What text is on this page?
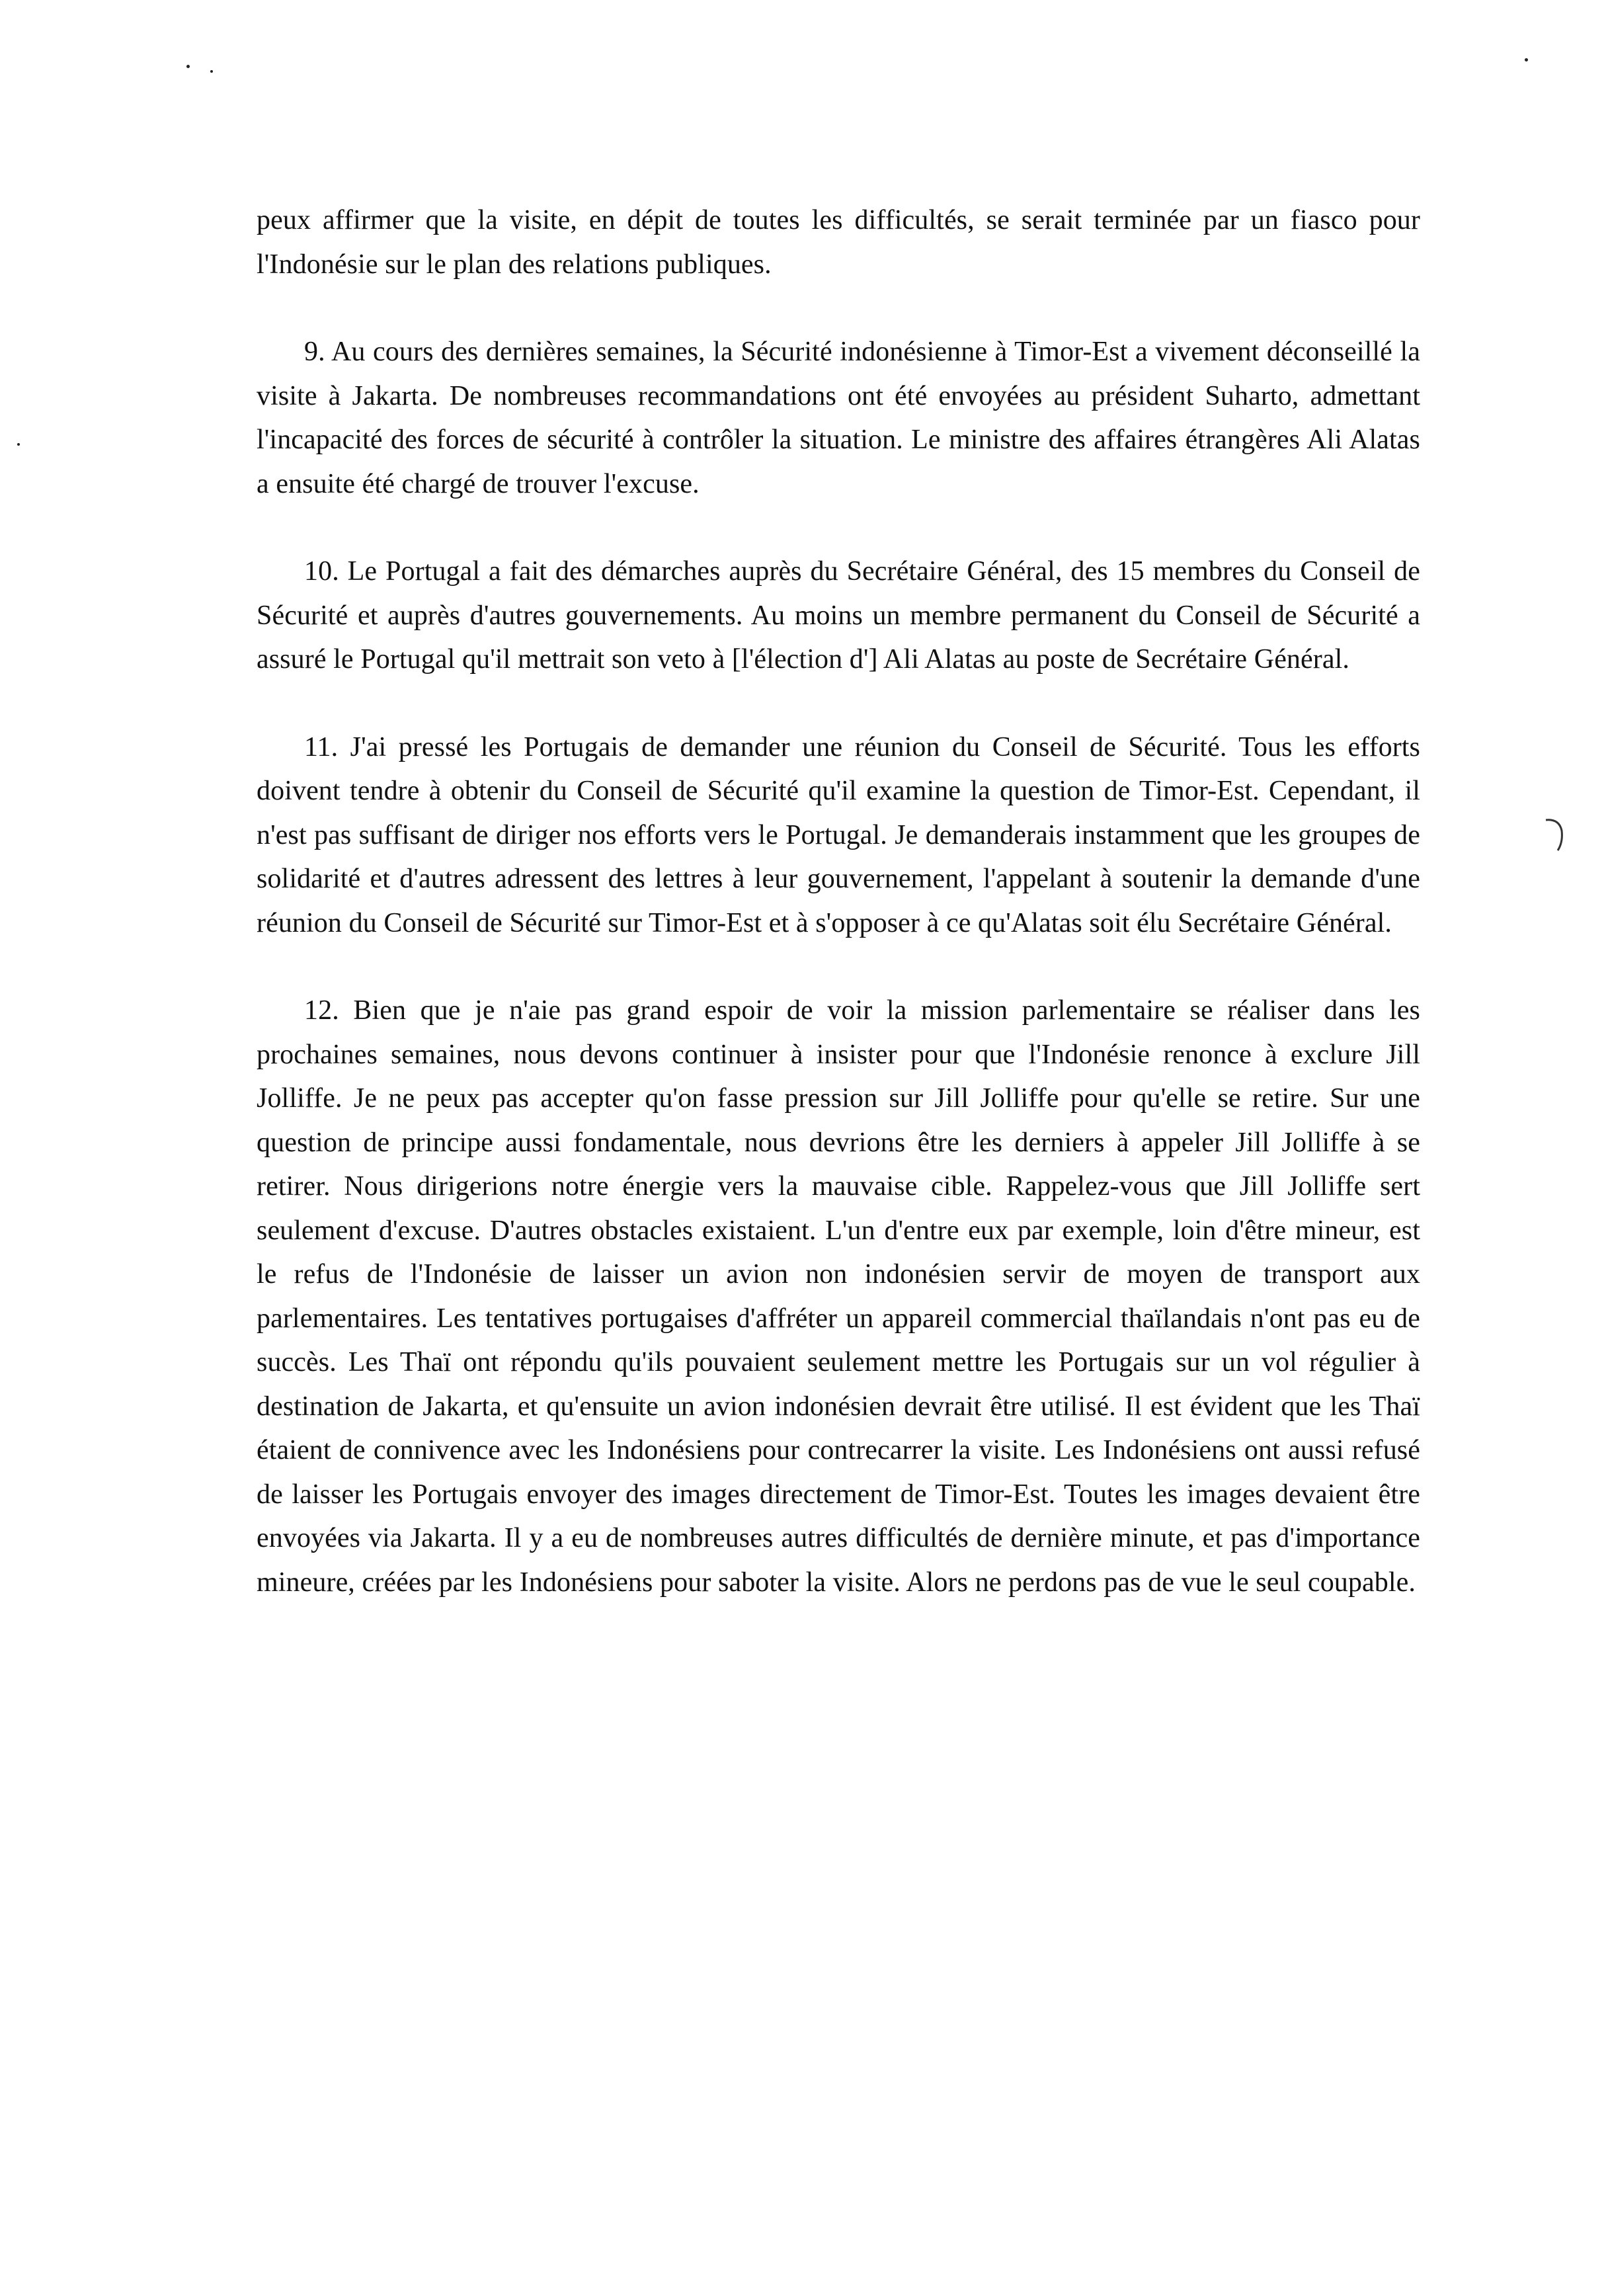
peux affirmer que la visite, en dépit de toutes les difficultés, se serait terminée par un fiasco pour l'Indonésie sur le plan des relations publiques.

9. Au cours des dernières semaines, la Sécurité indonésienne à Timor-Est a vivement déconseillé la visite à Jakarta. De nombreuses recommandations ont été envoyées au président Suharto, admettant l'incapacité des forces de sécurité à contrôler la situation. Le ministre des affaires étrangères Ali Alatas a ensuite été chargé de trouver l'excuse.

10. Le Portugal a fait des démarches auprès du Secrétaire Général, des 15 membres du Conseil de Sécurité et auprès d'autres gouvernements. Au moins un membre permanent du Conseil de Sécurité a assuré le Portugal qu'il mettrait son veto à [l'élection d'] Ali Alatas au poste de Secrétaire Général.

11. J'ai pressé les Portugais de demander une réunion du Conseil de Sécurité. Tous les efforts doivent tendre à obtenir du Conseil de Sécurité qu'il examine la question de Timor-Est. Cependant, il n'est pas suffisant de diriger nos efforts vers le Portugal. Je demanderais instamment que les groupes de solidarité et d'autres adressent des lettres à leur gouvernement, l'appelant à soutenir la demande d'une réunion du Conseil de Sécurité sur Timor-Est et à s'opposer à ce qu'Alatas soit élu Secrétaire Général.

12. Bien que je n'aie pas grand espoir de voir la mission parlementaire se réaliser dans les prochaines semaines, nous devons continuer à insister pour que l'Indonésie renonce à exclure Jill Jolliffe. Je ne peux pas accepter qu'on fasse pression sur Jill Jolliffe pour qu'elle se retire. Sur une question de principe aussi fondamentale, nous devrions être les derniers à appeler Jill Jolliffe à se retirer. Nous dirigerions notre énergie vers la mauvaise cible. Rappelez-vous que Jill Jolliffe sert seulement d'excuse. D'autres obstacles existaient. L'un d'entre eux par exemple, loin d'être mineur, est le refus de l'Indonésie de laisser un avion non indonésien servir de moyen de transport aux parlementaires. Les tentatives portugaises d'affréter un appareil commercial thaïlandais n'ont pas eu de succès. Les Thaï ont répondu qu'ils pouvaient seulement mettre les Portugais sur un vol régulier à destination de Jakarta, et qu'ensuite un avion indonésien devrait être utilisé. Il est évident que les Thaï étaient de connivence avec les Indonésiens pour contrecarrer la visite. Les Indonésiens ont aussi refusé de laisser les Portugais envoyer des images directement de Timor-Est. Toutes les images devaient être envoyées via Jakarta. Il y a eu de nombreuses autres difficultés de dernière minute, et pas d'importance mineure, créées par les Indonésiens pour saboter la visite. Alors ne perdons pas de vue le seul coupable.
